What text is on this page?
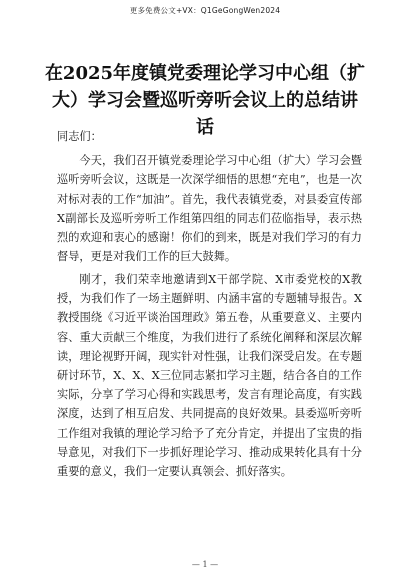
更多免费公文+VX：Q1GeGongWen2024
在2025年度镇党委理论学习中心组（扩大）学习会暨巡听旁听会议上的总结讲话

同志们：

今天，我们召开镇党委理论学习中心组（扩大）学习会暨巡听旁听会议，这既是一次深学细悟的思想“充电”，也是一次对标对表的工作“加油”。首先，我代表镇党委，对县委宣传部X副部长及巡听旁听工作组第四组的同志们莅临指导，表示热烈的欢迎和衷心的感谢！你们的到来，既是对我们学习的有力督导，更是对我们工作的巨大鼓舞。

刚才，我们荣幸地邀请到X干部学院、X市委党校的X教授，为我们作了一场主题鲜明、内涵丰富的专题辅导报告。X教授围绕《习近平谈治国理政》第五卷，从重要意义、主要内容、重大贡献三个维度，为我们进行了系统化阐释和深层次解读，理论视野开阔，现实针对性强，让我们深受启发。在专题研讨环节，X、X、X三位同志紧扣学习主题，结合各自的工作实际，分享了学习心得和实践思考，发言有理论高度，有实践深度，达到了相互启发、共同提高的良好效果。县委巡听旁听工作组对我镇的理论学习给予了充分肯定，并提出了宝贵的指导意见，对我们下一步抓好理论学习、推动成果转化具有十分重要的意义，我们一定要认真领会、抓好落实。

— 1 —
